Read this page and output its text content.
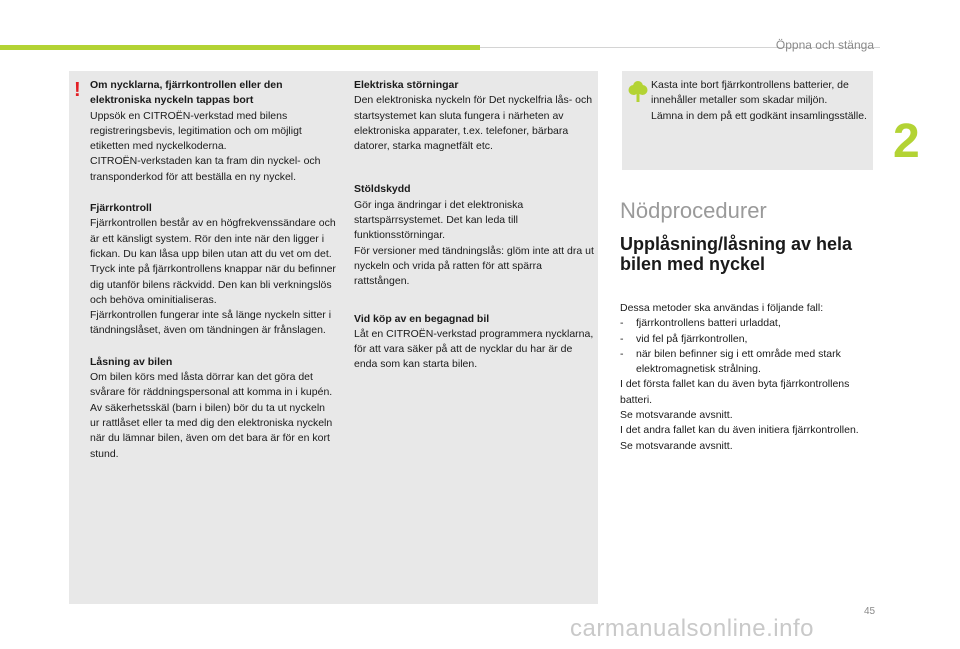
Öppna och stänga
2
! Om nycklarna, fjärrkontrollen eller den elektroniska nyckeln tappas bort
Uppsök en CITROËN-verkstad med bilens registreringsbevis, legitimation och om möjligt etiketten med nyckelkoderna.
CITROËN-verkstaden kan ta fram din nyckel- och transponderkod för att beställa en ny nyckel.
Fjärrkontroll
Fjärrkontrollen består av en högfrekvenssändare och är ett känsligt system. Rör den inte när den ligger i fickan. Du kan låsa upp bilen utan att du vet om det.
Tryck inte på fjärrkontrollens knappar när du befinner dig utanför bilens räckvidd. Den kan bli verkningslös och behöva ominitialiseras.
Fjärrkontrollen fungerar inte så länge nyckeln sitter i tändningslåset, även om tändningen är frånslagen.
Låsning av bilen
Om bilen körs med låsta dörrar kan det göra det svårare för räddningspersonal att komma in i kupén.
Av säkerhetsskäl (barn i bilen) bör du ta ut nyckeln ur rattlåset eller ta med dig den elektroniska nyckeln när du lämnar bilen, även om det bara är för en kort stund.
Elektriska störningar
Den elektroniska nyckeln för Det nyckelfria lås- och startsystemet kan sluta fungera i närheten av elektroniska apparater, t.ex. telefoner, bärbara datorer, starka magnetfält etc.
Stöldskydd
Gör inga ändringar i det elektroniska startspärrsystemet. Det kan leda till funktionsstörningar.
För versioner med tändningslås: glöm inte att dra ut nyckeln och vrida på ratten för att spärra rattstången.
Vid köp av en begagnad bil
Låt en CITROËN-verkstad programmera nycklarna, för att vara säker på att de nycklar du har är de enda som kan starta bilen.
Kasta inte bort fjärrkontrollens batterier, de innehåller metaller som skadar miljön.
Lämna in dem på ett godkänt insamlingsställe.
Nödprocedurer
Upplåsning/låsning av hela bilen med nyckel
Dessa metoder ska användas i följande fall:
- fjärrkontrollens batteri urladdat,
- vid fel på fjärrkontrollen,
- när bilen befinner sig i ett område med stark elektromagnetisk strålning.
I det första fallet kan du även byta fjärrkontrollens batteri.
Se motsvarande avsnitt.
I det andra fallet kan du även initiera fjärrkontrollen.
Se motsvarande avsnitt.
45
carmanualsonline.info
